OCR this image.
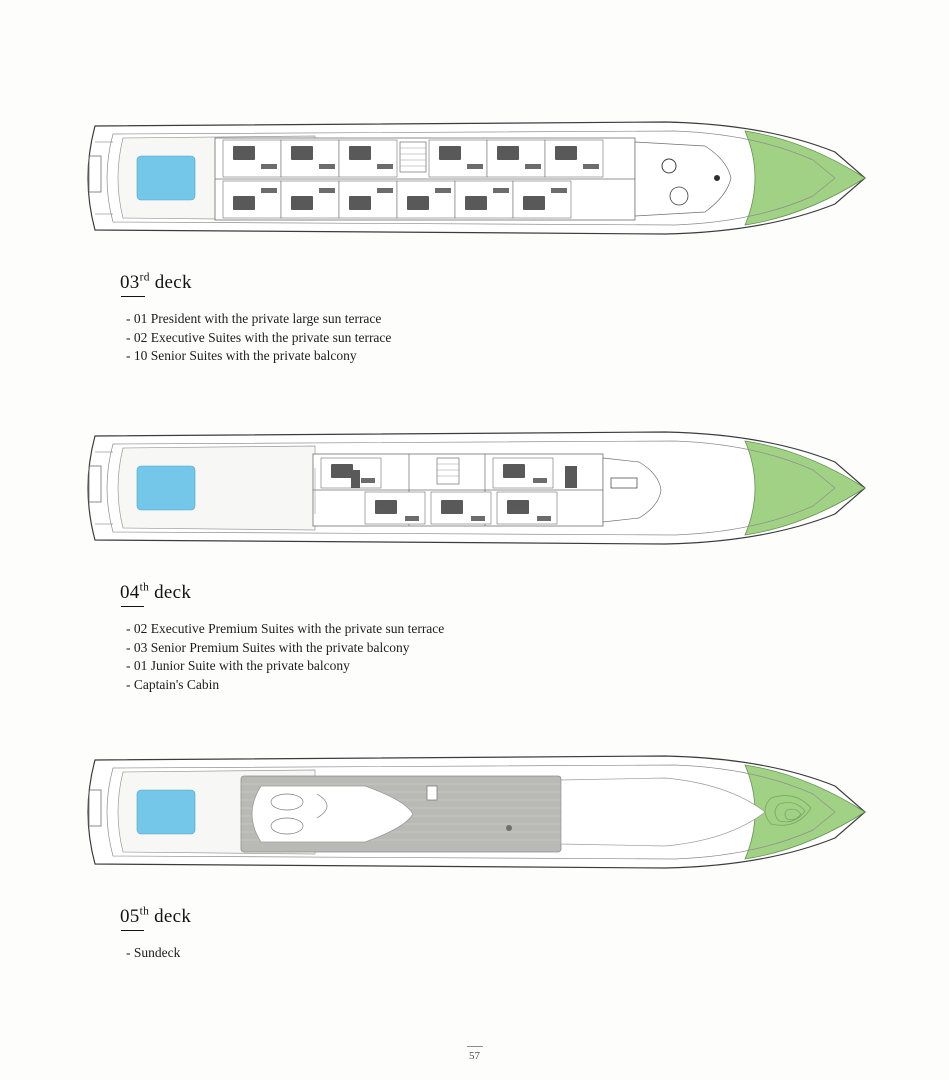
03rd deck
- 01 President with the private large sun terrace
- 02 Executive Suites with the private sun terrace
- 10 Senior Suites with the private balcony
04th deck
- 02 Executive Premium Suites with the private sun terrace
- 03 Senior Premium Suites with the private balcony
- 01 Junior Suite with the private balcony
- Captain's Cabin
05th deck
- Sundeck
57
